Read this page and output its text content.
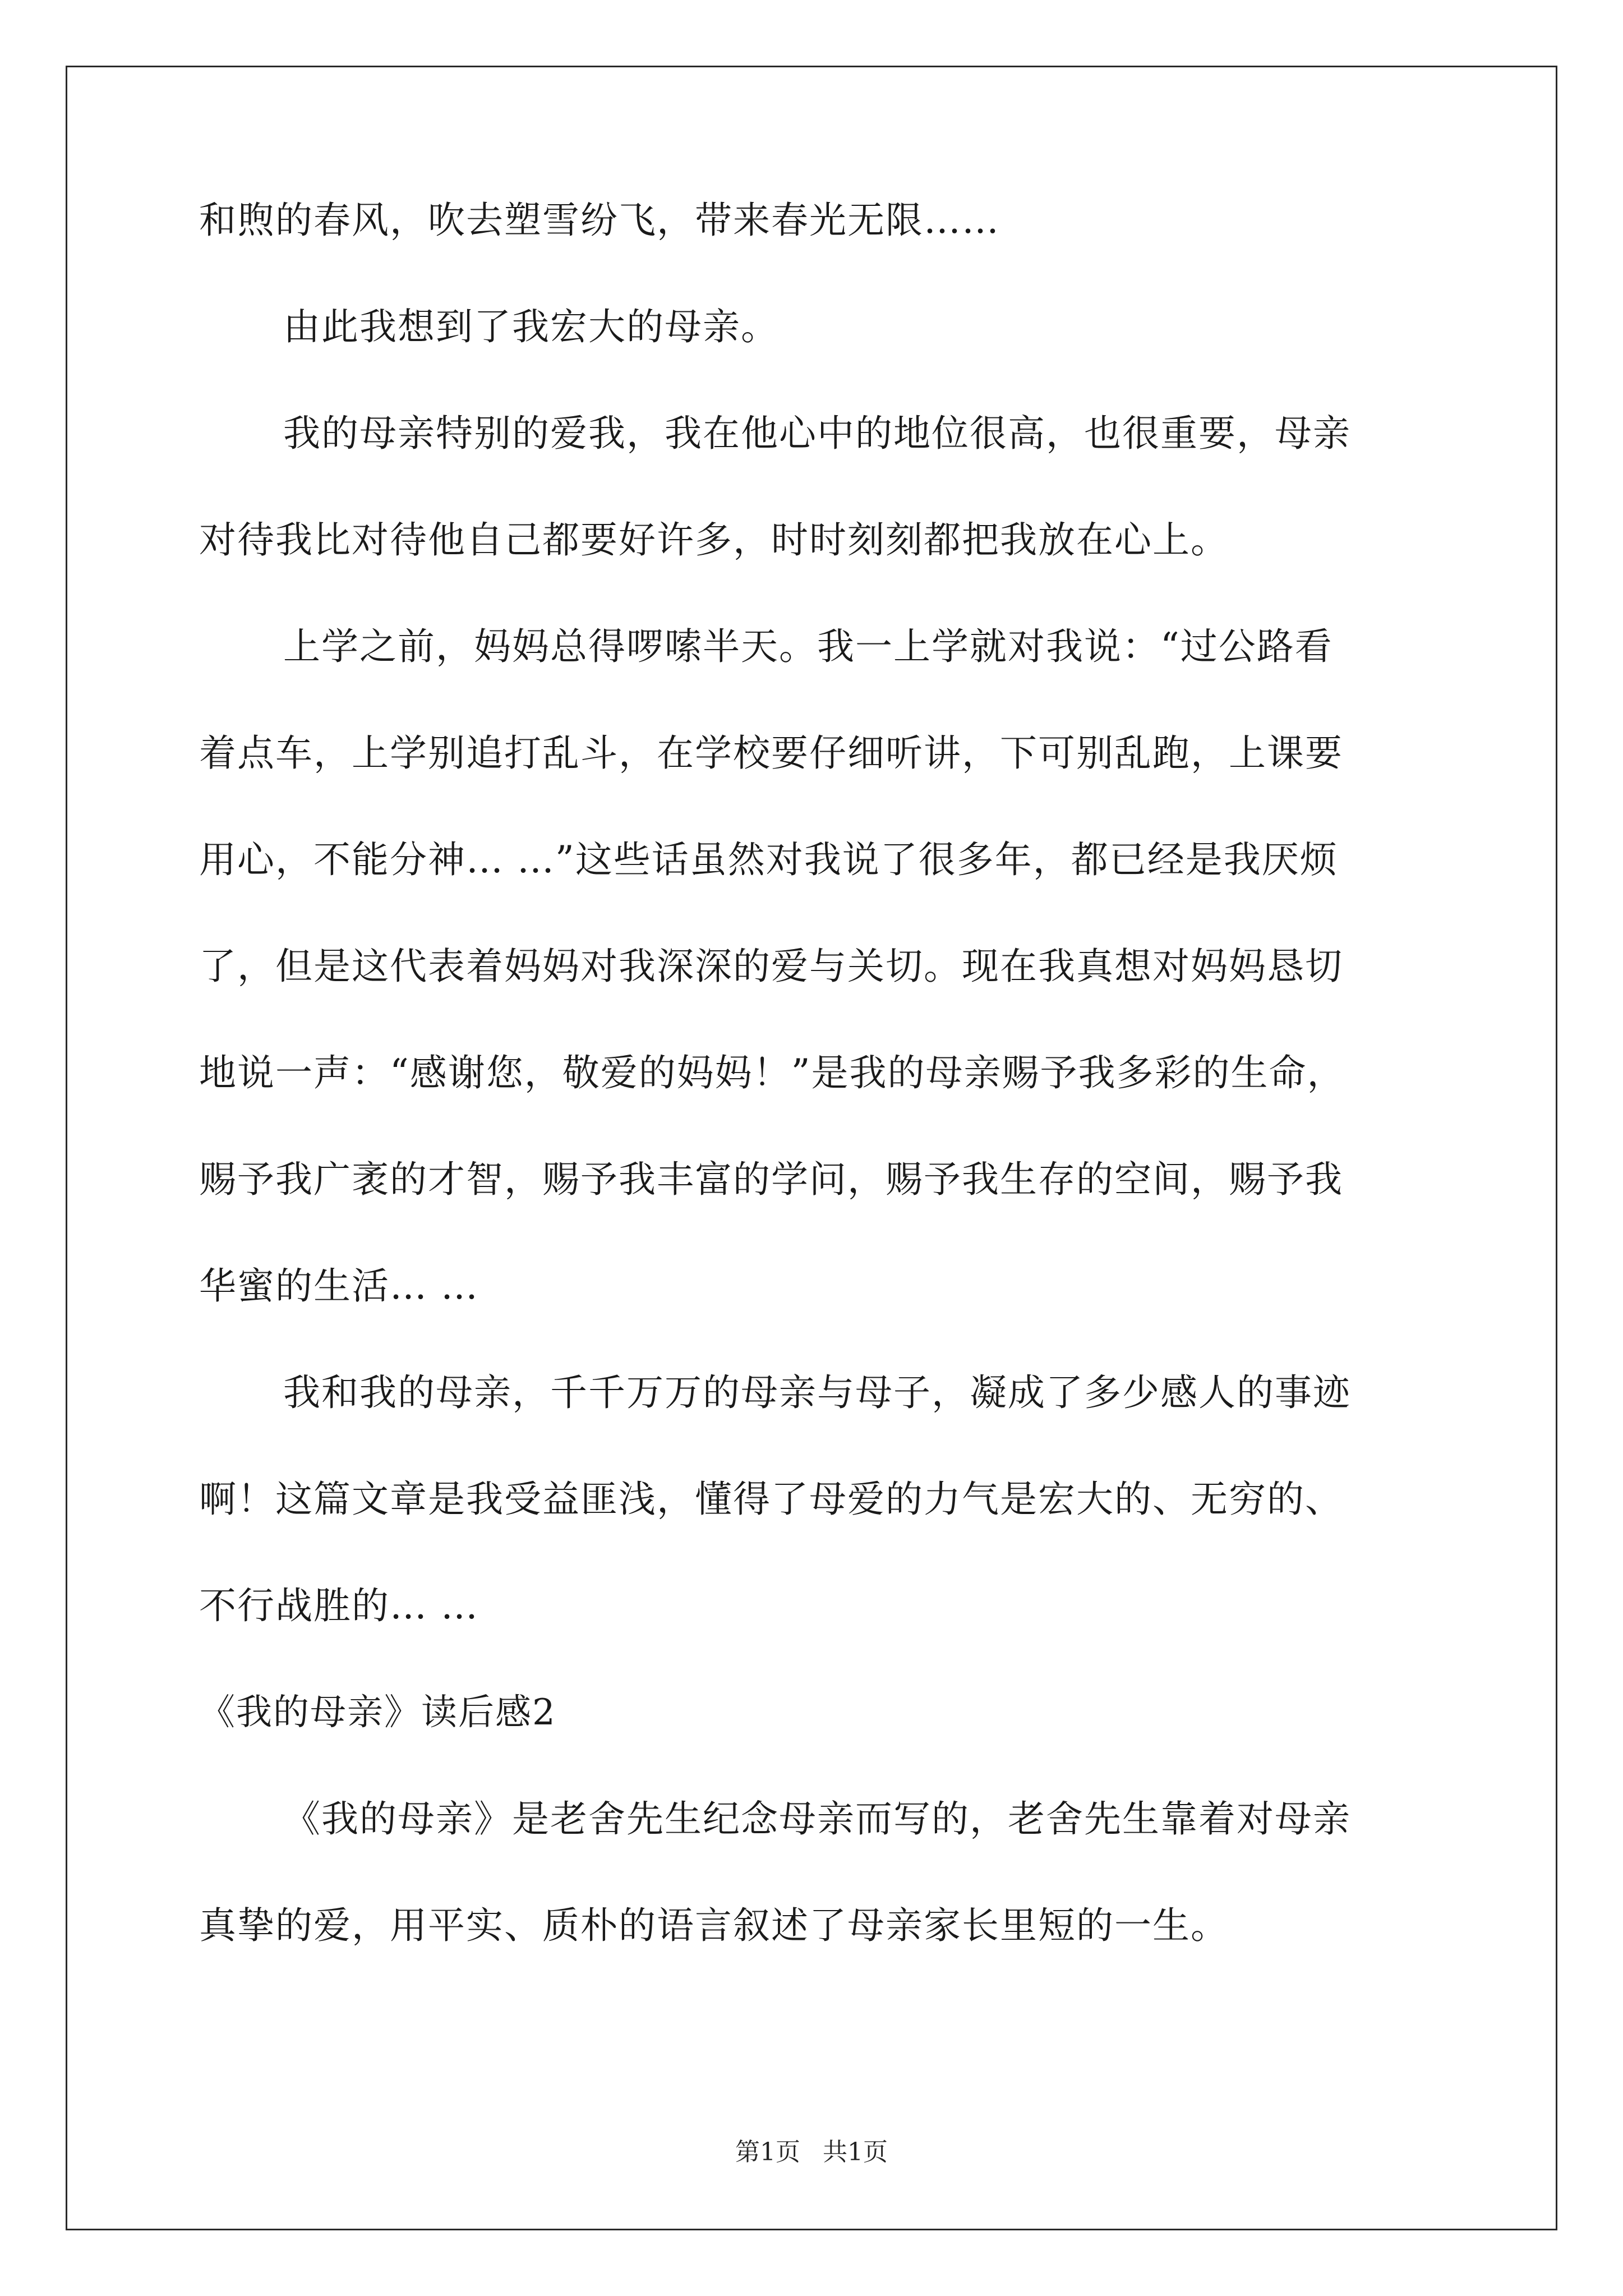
和煦的春风，吹去塑雪纷飞，带来春光无限……
由此我想到了我宏大的母亲。
我的母亲特别的爱我，我在他心中的地位很高，也很重要，母亲
对待我比对待他自己都要好许多，时时刻刻都把我放在心上。
上学之前，妈妈总得啰嗦半天。我一上学就对我说：“过公路看
着点车，上学别追打乱斗，在学校要仔细听讲，下可别乱跑，上课要
用心，不能分神… …”这些话虽然对我说了很多年，都已经是我厌烦
了，但是这代表着妈妈对我深深的爱与关切。现在我真想对妈妈恳切
地说一声：“感谢您，敬爱的妈妈！”是我的母亲赐予我多彩的生命，
赐予我广袤的才智，赐予我丰富的学问，赐予我生存的空间，赐予我
华蜜的生活… …
我和我的母亲，千千万万的母亲与母子，凝成了多少感人的事迹
啊！这篇文章是我受益匪浅，懂得了母爱的力气是宏大的、无穷的、
不行战胜的… …
《我的母亲》读后感2
《我的母亲》是老舍先生纪念母亲而写的，老舍先生靠着对母亲
真挚的爱，用平实、质朴的语言叙述了母亲家长里短的一生。
第1页 共1页
